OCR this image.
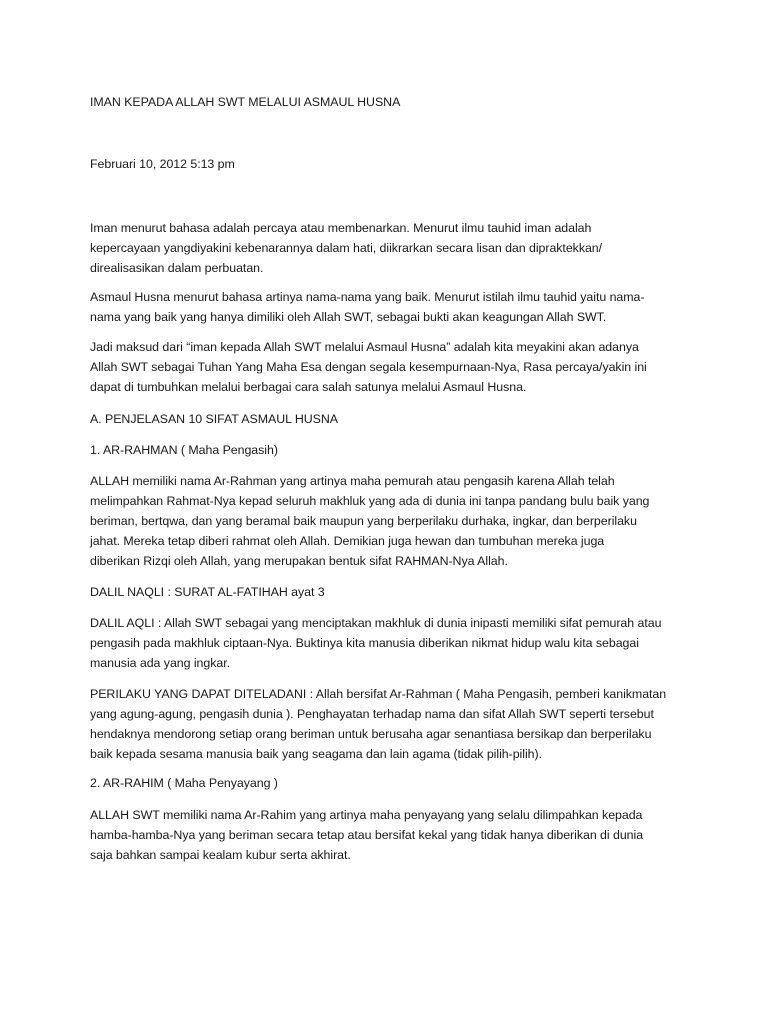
IMAN KEPADA ALLAH SWT MELALUI ASMAUL HUSNA

Februari 10, 2012 5:13 pm

Iman menurut bahasa adalah percaya atau membenarkan. Menurut ilmu tauhid iman adalah
kepercayaan yangdiyakini kebenarannya dalam hati, diikrarkan secara lisan dan dipraktekkan/
direalisasikan dalam perbuatan.
Asmaul Husna menurut bahasa artinya nama-nama yang baik. Menurut istilah ilmu tauhid yaitu nama-
nama yang baik yang hanya dimiliki oleh Allah SWT, sebagai bukti akan keagungan Allah SWT.
Jadi maksud dari “iman kepada Allah SWT melalui Asmaul Husna” adalah kita meyakini akan adanya
Allah SWT sebagai Tuhan Yang Maha Esa dengan segala kesempurnaan-Nya, Rasa percaya/yakin ini
dapat di tumbuhkan melalui berbagai cara salah satunya melalui Asmaul Husna.
A. PENJELASAN 10 SIFAT ASMAUL HUSNA
1. AR-RAHMAN ( Maha Pengasih)
ALLAH memiliki nama Ar-Rahman yang artinya maha pemurah atau pengasih karena Allah telah
melimpahkan Rahmat-Nya kepad seluruh makhluk yang ada di dunia ini tanpa pandang bulu baik yang
beriman, bertqwa, dan yang beramal baik maupun yang berperilaku durhaka, ingkar, dan berperilaku
jahat. Mereka tetap diberi rahmat oleh Allah. Demikian juga hewan dan tumbuhan mereka juga
diberikan Rizqi oleh Allah, yang merupakan bentuk sifat RAHMAN-Nya Allah.
DALIL NAQLI : SURAT AL-FATIHAH ayat 3
DALIL AQLI : Allah SWT sebagai yang menciptakan makhluk di dunia inipasti memiliki sifat pemurah atau
pengasih pada makhluk ciptaan-Nya. Buktinya kita manusia diberikan nikmat hidup walu kita sebagai
manusia ada yang ingkar.
PERILAKU YANG DAPAT DITELADANI : Allah bersifat Ar-Rahman ( Maha Pengasih, pemberi kanikmatan
yang agung-agung, pengasih dunia ). Penghayatan terhadap nama dan sifat Allah SWT seperti tersebut
hendaknya mendorong setiap orang beriman untuk berusaha agar senantiasa bersikap dan berperilaku
baik kepada sesama manusia baik yang seagama dan lain agama (tidak pilih-pilih).
2. AR-RAHIM ( Maha Penyayang )
ALLAH SWT memiliki nama Ar-Rahim yang artinya maha penyayang yang selalu dilimpahkan kepada
hamba-hamba-Nya yang beriman secara tetap atau bersifat kekal yang tidak hanya diberikan di dunia
saja bahkan sampai kealam kubur serta akhirat.
